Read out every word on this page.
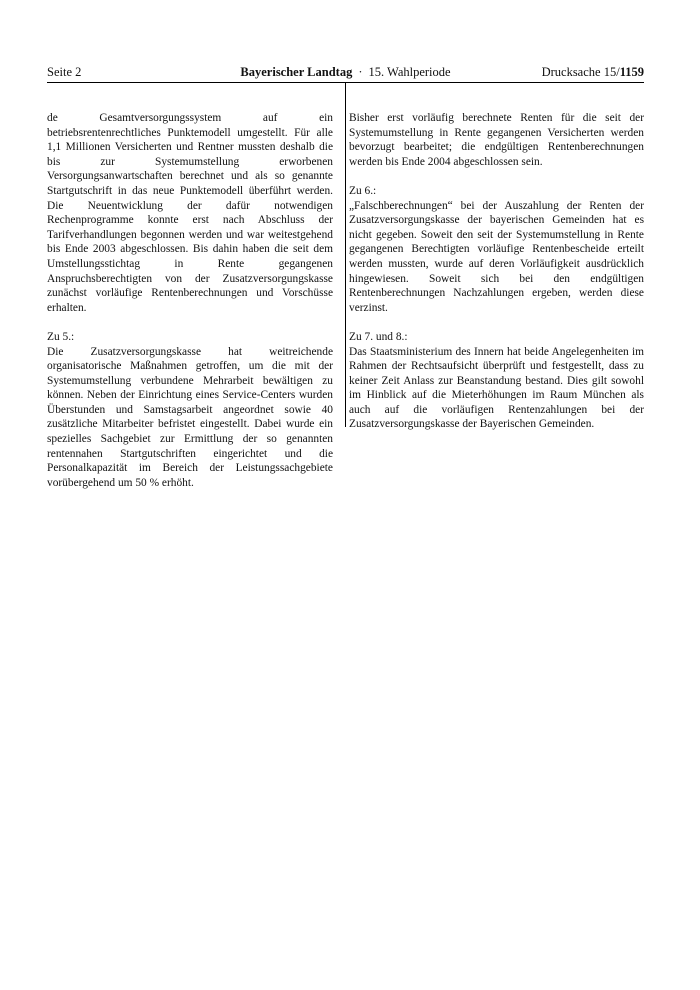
Seite 2	Bayerischer Landtag · 15. Wahlperiode	Drucksache 15/1159

de Gesamtversorgungssystem auf ein betriebsrentenrechtliches Punktemodell umgestellt. Für alle 1,1 Millionen Versicherten und Rentner mussten deshalb die bis zur Systemumstellung erworbenen Versorgungsanwartschaften berechnet und als so genannte Startgutschrift in das neue Punktemodell überführt werden. Die Neuentwicklung der dafür notwendigen Rechenprogramme konnte erst nach Abschluss der Tarifverhandlungen begonnen werden und war weitestgehend bis Ende 2003 abgeschlossen. Bis dahin haben die seit dem Umstellungsstichtag in Rente gegangenen Anspruchsberechtigten von der Zusatzversorgungskasse zunächst vorläufige Rentenberechnungen und Vorschüsse erhalten.

Zu 5.:

Die Zusatzversorgungskasse hat weitreichende organisatorische Maßnahmen getroffen, um die mit der Systemumstellung verbundene Mehrarbeit bewältigen zu können. Neben der Einrichtung eines Service-Centers wurden Überstunden und Samstagsarbeit angeordnet sowie 40 zusätzliche Mitarbeiter befristet eingestellt. Dabei wurde ein spezielles Sachgebiet zur Ermittlung der so genannten rentennahen Startgutschriften eingerichtet und die Personalkapazität im Bereich der Leistungssachgebiete vorübergehend um 50 % erhöht.

Bisher erst vorläufig berechnete Renten für die seit der Systemumstellung in Rente gegangenen Versicherten werden bevorzugt bearbeitet; die endgültigen Rentenberechnungen werden bis Ende 2004 abgeschlossen sein.

Zu 6.:

„Falschberechnungen“ bei der Auszahlung der Renten der Zusatzversorgungskasse der bayerischen Gemeinden hat es nicht gegeben. Soweit den seit der Systemumstellung in Rente gegangenen Berechtigten vorläufige Rentenbescheide erteilt werden mussten, wurde auf deren Vorläufigkeit ausdrücklich hingewiesen. Soweit sich bei den endgültigen Rentenberechnungen Nachzahlungen ergeben, werden diese verzinst.

Zu 7. und 8.:

Das Staatsministerium des Innern hat beide Angelegenheiten im Rahmen der Rechtsaufsicht überprüft und festgestellt, dass zu keiner Zeit Anlass zur Beanstandung bestand. Dies gilt sowohl im Hinblick auf die Mieterhöhungen im Raum München als auch auf die vorläufigen Rentenzahlungen bei der Zusatzversorgungskasse der Bayerischen Gemeinden.
